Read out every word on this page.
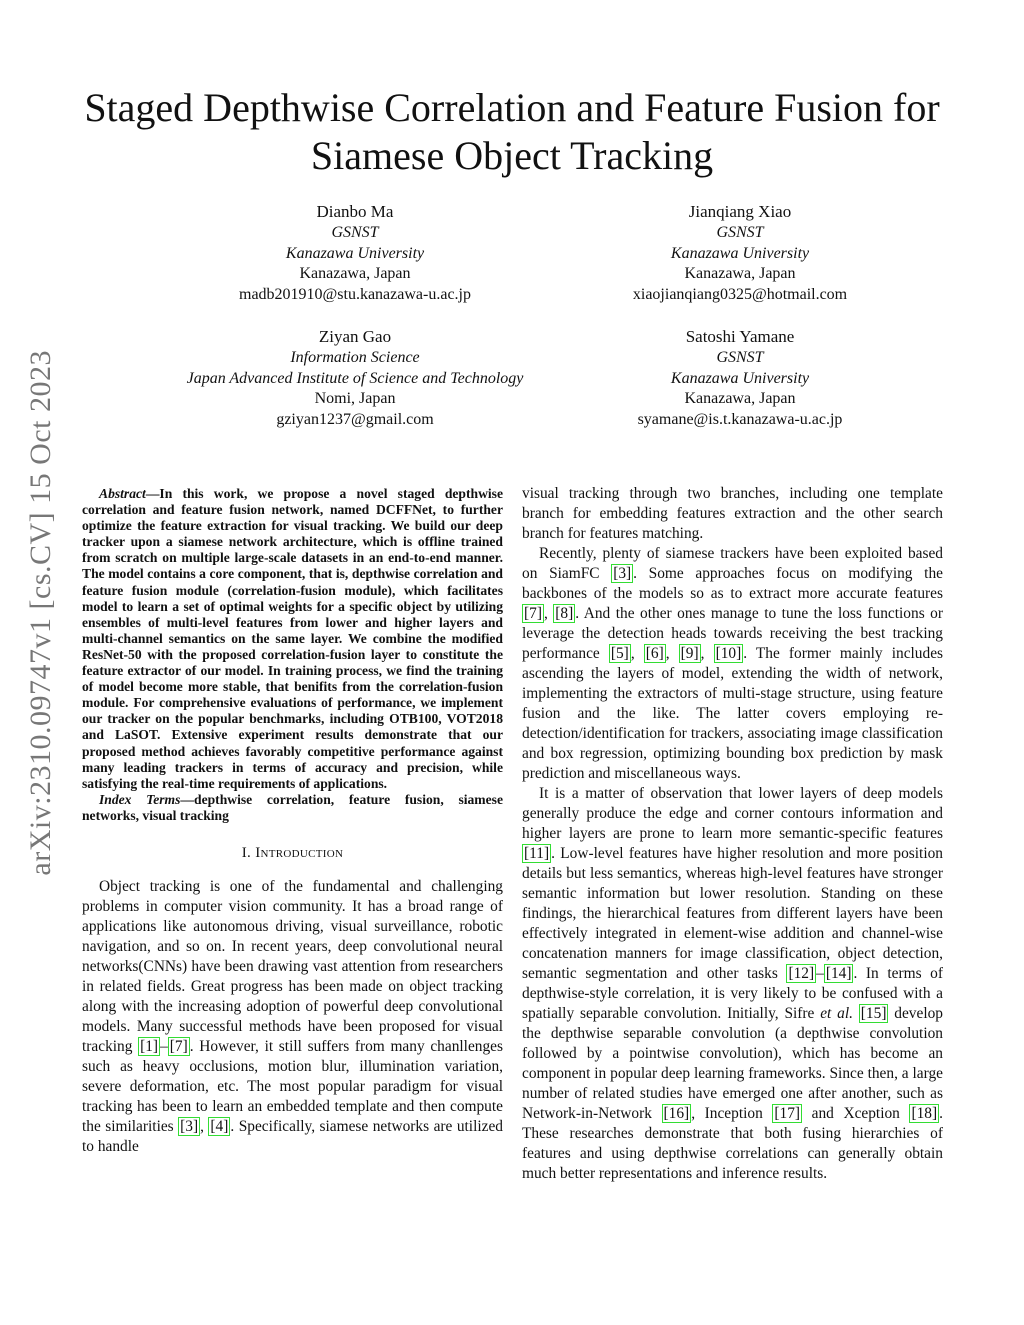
arXiv:2310.09747v1 [cs.CV] 15 Oct 2023
Staged Depthwise Correlation and Feature Fusion for Siamese Object Tracking
Dianbo Ma
GSNST
Kanazawa University
Kanazawa, Japan
madb201910@stu.kanazawa-u.ac.jp
Jianqiang Xiao
GSNST
Kanazawa University
Kanazawa, Japan
xiaojianqiang0325@hotmail.com
Ziyan Gao
Information Science
Japan Advanced Institute of Science and Technology
Nomi, Japan
gziyan1237@gmail.com
Satoshi Yamane
GSNST
Kanazawa University
Kanazawa, Japan
syamane@is.t.kanazawa-u.ac.jp

Abstract—In this work, we propose a novel staged depthwise correlation and feature fusion network, named DCFFNet, to further optimize the feature extraction for visual tracking. We build our deep tracker upon a siamese network architecture, which is offline trained from scratch on multiple large-scale datasets in an end-to-end manner. The model contains a core component, that is, depthwise correlation and feature fusion module (correlation-fusion module), which facilitates model to learn a set of optimal weights for a specific object by utilizing ensembles of multi-level features from lower and higher layers and multi-channel semantics on the same layer. We combine the modified ResNet-50 with the proposed correlation-fusion layer to constitute the feature extractor of our model. In training process, we find the training of model become more stable, that benifits from the correlation-fusion module. For comprehensive evaluations of performance, we implement our tracker on the popular benchmarks, including OTB100, VOT2018 and LaSOT. Extensive experiment results demonstrate that our proposed method achieves favorably competitive performance against many leading trackers in terms of accuracy and precision, while satisfying the real-time requirements of applications.

Index Terms—depthwise correlation, feature fusion, siamese networks, visual tracking

I. Introduction

Object tracking is one of the fundamental and challenging problems in computer vision community. It has a broad range of applications like autonomous driving, visual surveillance, robotic navigation, and so on. In recent years, deep convolutional neural networks(CNNs) have been drawing vast attention from researchers in related fields. Great progress has been made on object tracking along with the increasing adoption of powerful deep convolutional models. Many successful methods have been proposed for visual tracking [1] – [7] . However, it still suffers from many chanllenges such as heavy occlusions, motion blur, illumination variation, severe deformation, etc. The most popular paradigm for visual tracking has been to learn an embedded template and then compute the similarities [3] , [4] . Specifically, siamese networks are utilized to handle

visual tracking through two branches, including one template branch for embedding features extraction and the other search branch for features matching.

Recently, plenty of siamese trackers have been exploited based on SiamFC [3] . Some approaches focus on modifying the backbones of the models so as to extract more accurate features [7] , [8] . And the other ones manage to tune the loss functions or leverage the detection heads towards receiving the best tracking performance [5] , [6] , [9] , [10] . The former mainly includes ascending the layers of model, extending the width of network, implementing the extractors of multi-stage structure, using feature fusion and the like. The latter covers employing re-detection/identification for trackers, associating image classification and box regression, optimizing bounding box prediction by mask prediction and miscellaneous ways.

It is a matter of observation that lower layers of deep models generally produce the edge and corner contours information and higher layers are prone to learn more semantic-specific features [11] . Low-level features have higher resolution and more position details but less semantics, whereas high-level features have stronger semantic information but lower resolution. Standing on these findings, the hierarchical features from different layers have been effectively integrated in element-wise addition and channel-wise concatenation manners for image classification, object detection, semantic segmentation and other tasks [12] – [14] . In terms of depthwise-style correlation, it is very likely to be confused with a spatially separable convolution. Initially, Sifre et al. [15] develop the depthwise separable convolution (a depthwise convolution followed by a pointwise convolution), which has become an component in popular deep learning frameworks. Since then, a large number of related studies have emerged one after another, such as Network-in-Network [16] , Inception [17] and Xception [18] . These researches demonstrate that both fusing hierarchies of features and using depthwise correlations can generally obtain much better representations and inference results.
